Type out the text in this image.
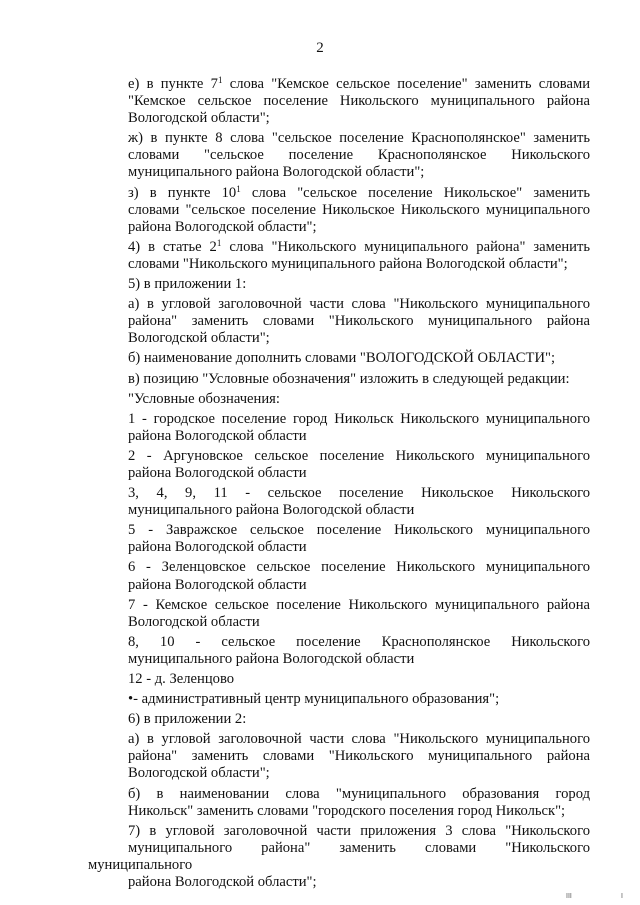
2

е) в пункте $7^1$ слова "Кемское сельское поселение" заменить словами
"Кемское сельское поселение Никольского муниципального района
Вологодской области";

ж) в пункте 8 слова "сельское поселение Краснополянское" заменить
словами "сельское поселение Краснополянское Никольского
муниципального района Вологодской области";

з) в пункте $10^1$ слова "сельское поселение Никольское" заменить
словами "сельское поселение Никольское Никольского муниципального
района Вологодской области";

4) в статье $2^1$ слова "Никольского муниципального района" заменить
словами "Никольского муниципального района Вологодской области";

5) в приложении 1:

а) в угловой заголовочной части слова "Никольского муниципального
района" заменить словами "Никольского муниципального района
Вологодской области";

б) наименование дополнить словами "ВОЛОГОДСКОЙ ОБЛАСТИ";

в) позицию "Условные обозначения" изложить в следующей редакции:

"Условные обозначения:

1 - городское поселение город Никольск Никольского муниципального
района Вологодской области

2 - Аргуновское сельское поселение Никольского муниципального
района Вологодской области

3, 4, 9, 11 - сельское поселение Никольское Никольского
муниципального района Вологодской области

5 - Завражское сельское поселение Никольского муниципального
района Вологодской области

6 - Зеленцовское сельское поселение Никольского муниципального
района Вологодской области

7 - Кемское сельское поселение Никольского муниципального района
Вологодской области

8, 10 - сельское поселение Краснополянское Никольского
муниципального района Вологодской области

12 - д. Зеленцово

•- административный центр муниципального образования";

6) в приложении 2:

а) в угловой заголовочной части слова "Никольского муниципального
района" заменить словами "Никольского муниципального района
Вологодской области";

б) в наименовании слова "муниципального образования город
Никольск" заменить словами "городского поселения город Никольск";

7) в угловой заголовочной части приложения 3 слова "Никольского
муниципального района" заменить словами "Никольского муниципального
района Вологодской области";

III	I
